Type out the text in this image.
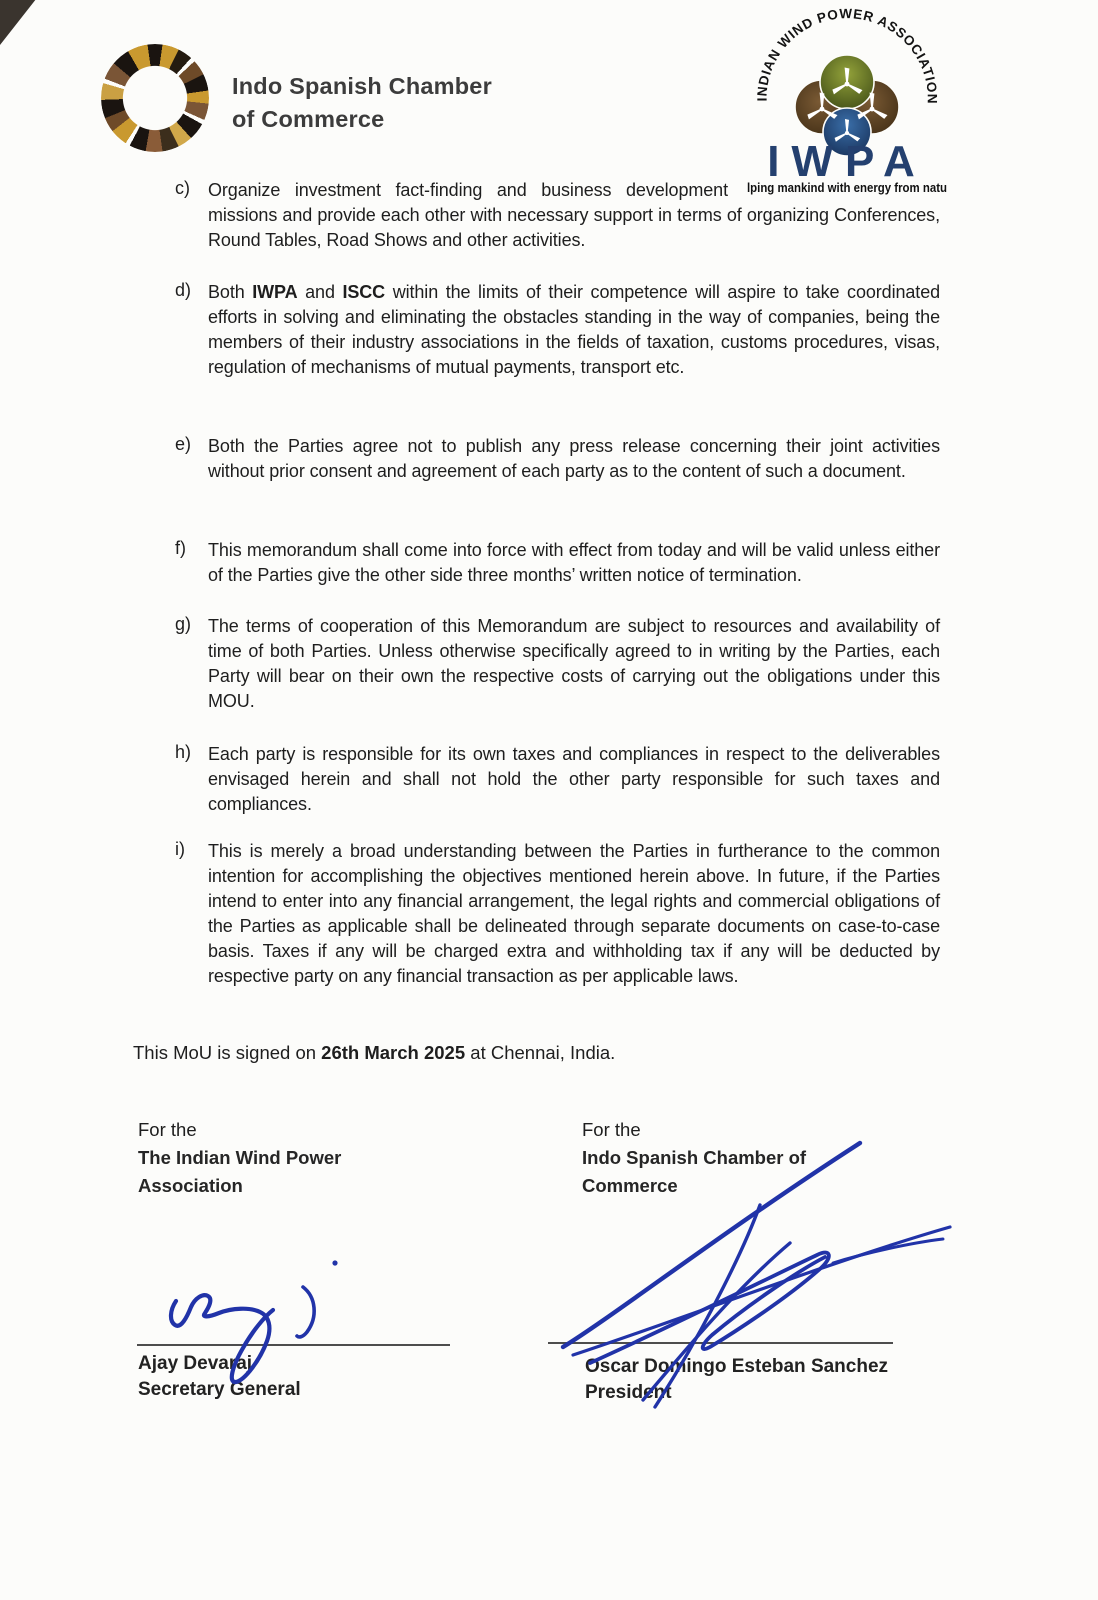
Indo Spanish Chamber
of Commerce
INDIAN WIND POWER ASSOCIATION
IWPA
lping mankind with energy from natu
c)	Organize investment fact-finding and business development missions and provide each other with necessary support in terms of organizing Conferences, Round Tables, Road Shows and other activities.
d) Both IWPA and ISCC within the limits of their competence will aspire to take coordinated efforts in solving and eliminating the obstacles standing in the way of companies, being the members of their industry associations in the fields of taxation, customs procedures, visas, regulation of mechanisms of mutual payments, transport etc.
e) Both the Parties agree not to publish any press release concerning their joint activities without prior consent and agreement of each party as to the content of such a document.
f)	This memorandum shall come into force with effect from today and will be valid unless either of the Parties give the other side three months’ written notice of termination.
g) The terms of cooperation of this Memorandum are subject to resources and availability of time of both Parties. Unless otherwise specifically agreed to in writing by the Parties, each Party will bear on their own the respective costs of carrying out the obligations under this MOU.
h) Each party is responsible for its own taxes and compliances in respect to the deliverables envisaged herein and shall not hold the other party responsible for such taxes and compliances.
i)	This is merely a broad understanding between the Parties in furtherance to the common intention for accomplishing the objectives mentioned herein above. In future, if the Parties intend to enter into any financial arrangement, the legal rights and commercial obligations of the Parties as applicable shall be delineated through separate documents on case-to-case basis. Taxes if any will be charged extra and withholding tax if any will be deducted by respective party on any financial transaction as per applicable laws.
This MoU is signed on 26th March 2025 at Chennai, India.
For the
The Indian Wind Power
Association
For the
Indo Spanish Chamber of
Commerce
Ajay Devaraj
Secretary General
Oscar Domingo Esteban Sanchez
President
